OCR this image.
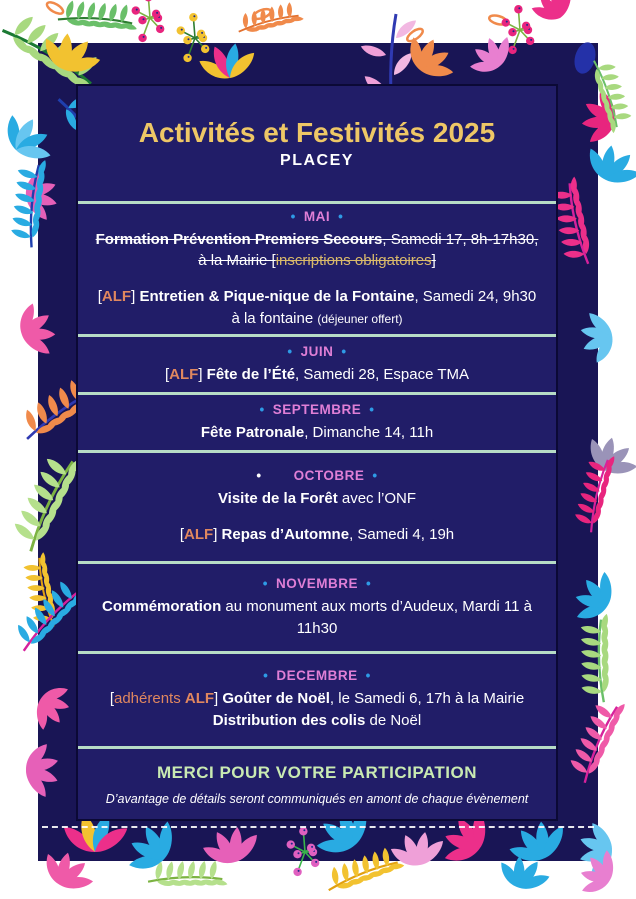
Activités et Festivités 2025
PLACEY
• MAI •

Formation Prévention Premiers Secours, Samedi 17, 8h-17h30, à la Mairie [inscriptions obligatoires]

[ALF] Entretien & Pique-nique de la Fontaine, Samedi 24, 9h30 à la fontaine (déjeuner offert)

• JUIN •

[ALF] Fête de l’Été, Samedi 28, Espace TMA

• SEPTEMBRE •

Fête Patronale, Dimanche 14, 11h

• OCTOBRE •

Visite de la Forêt avec l’ONF

[ALF] Repas d’Automne, Samedi 4, 19h

• NOVEMBRE •

Commémoration au monument aux morts d’Audeux, Mardi 11 à 11h30

• DECEMBRE •

[adhérents ALF] Goûter de Noël, le Samedi 6, 17h à la Mairie

Distribution des colis de Noël

MERCI POUR VOTRE PARTICIPATION
D’avantage de détails seront communiqués en amont de chaque évènement
